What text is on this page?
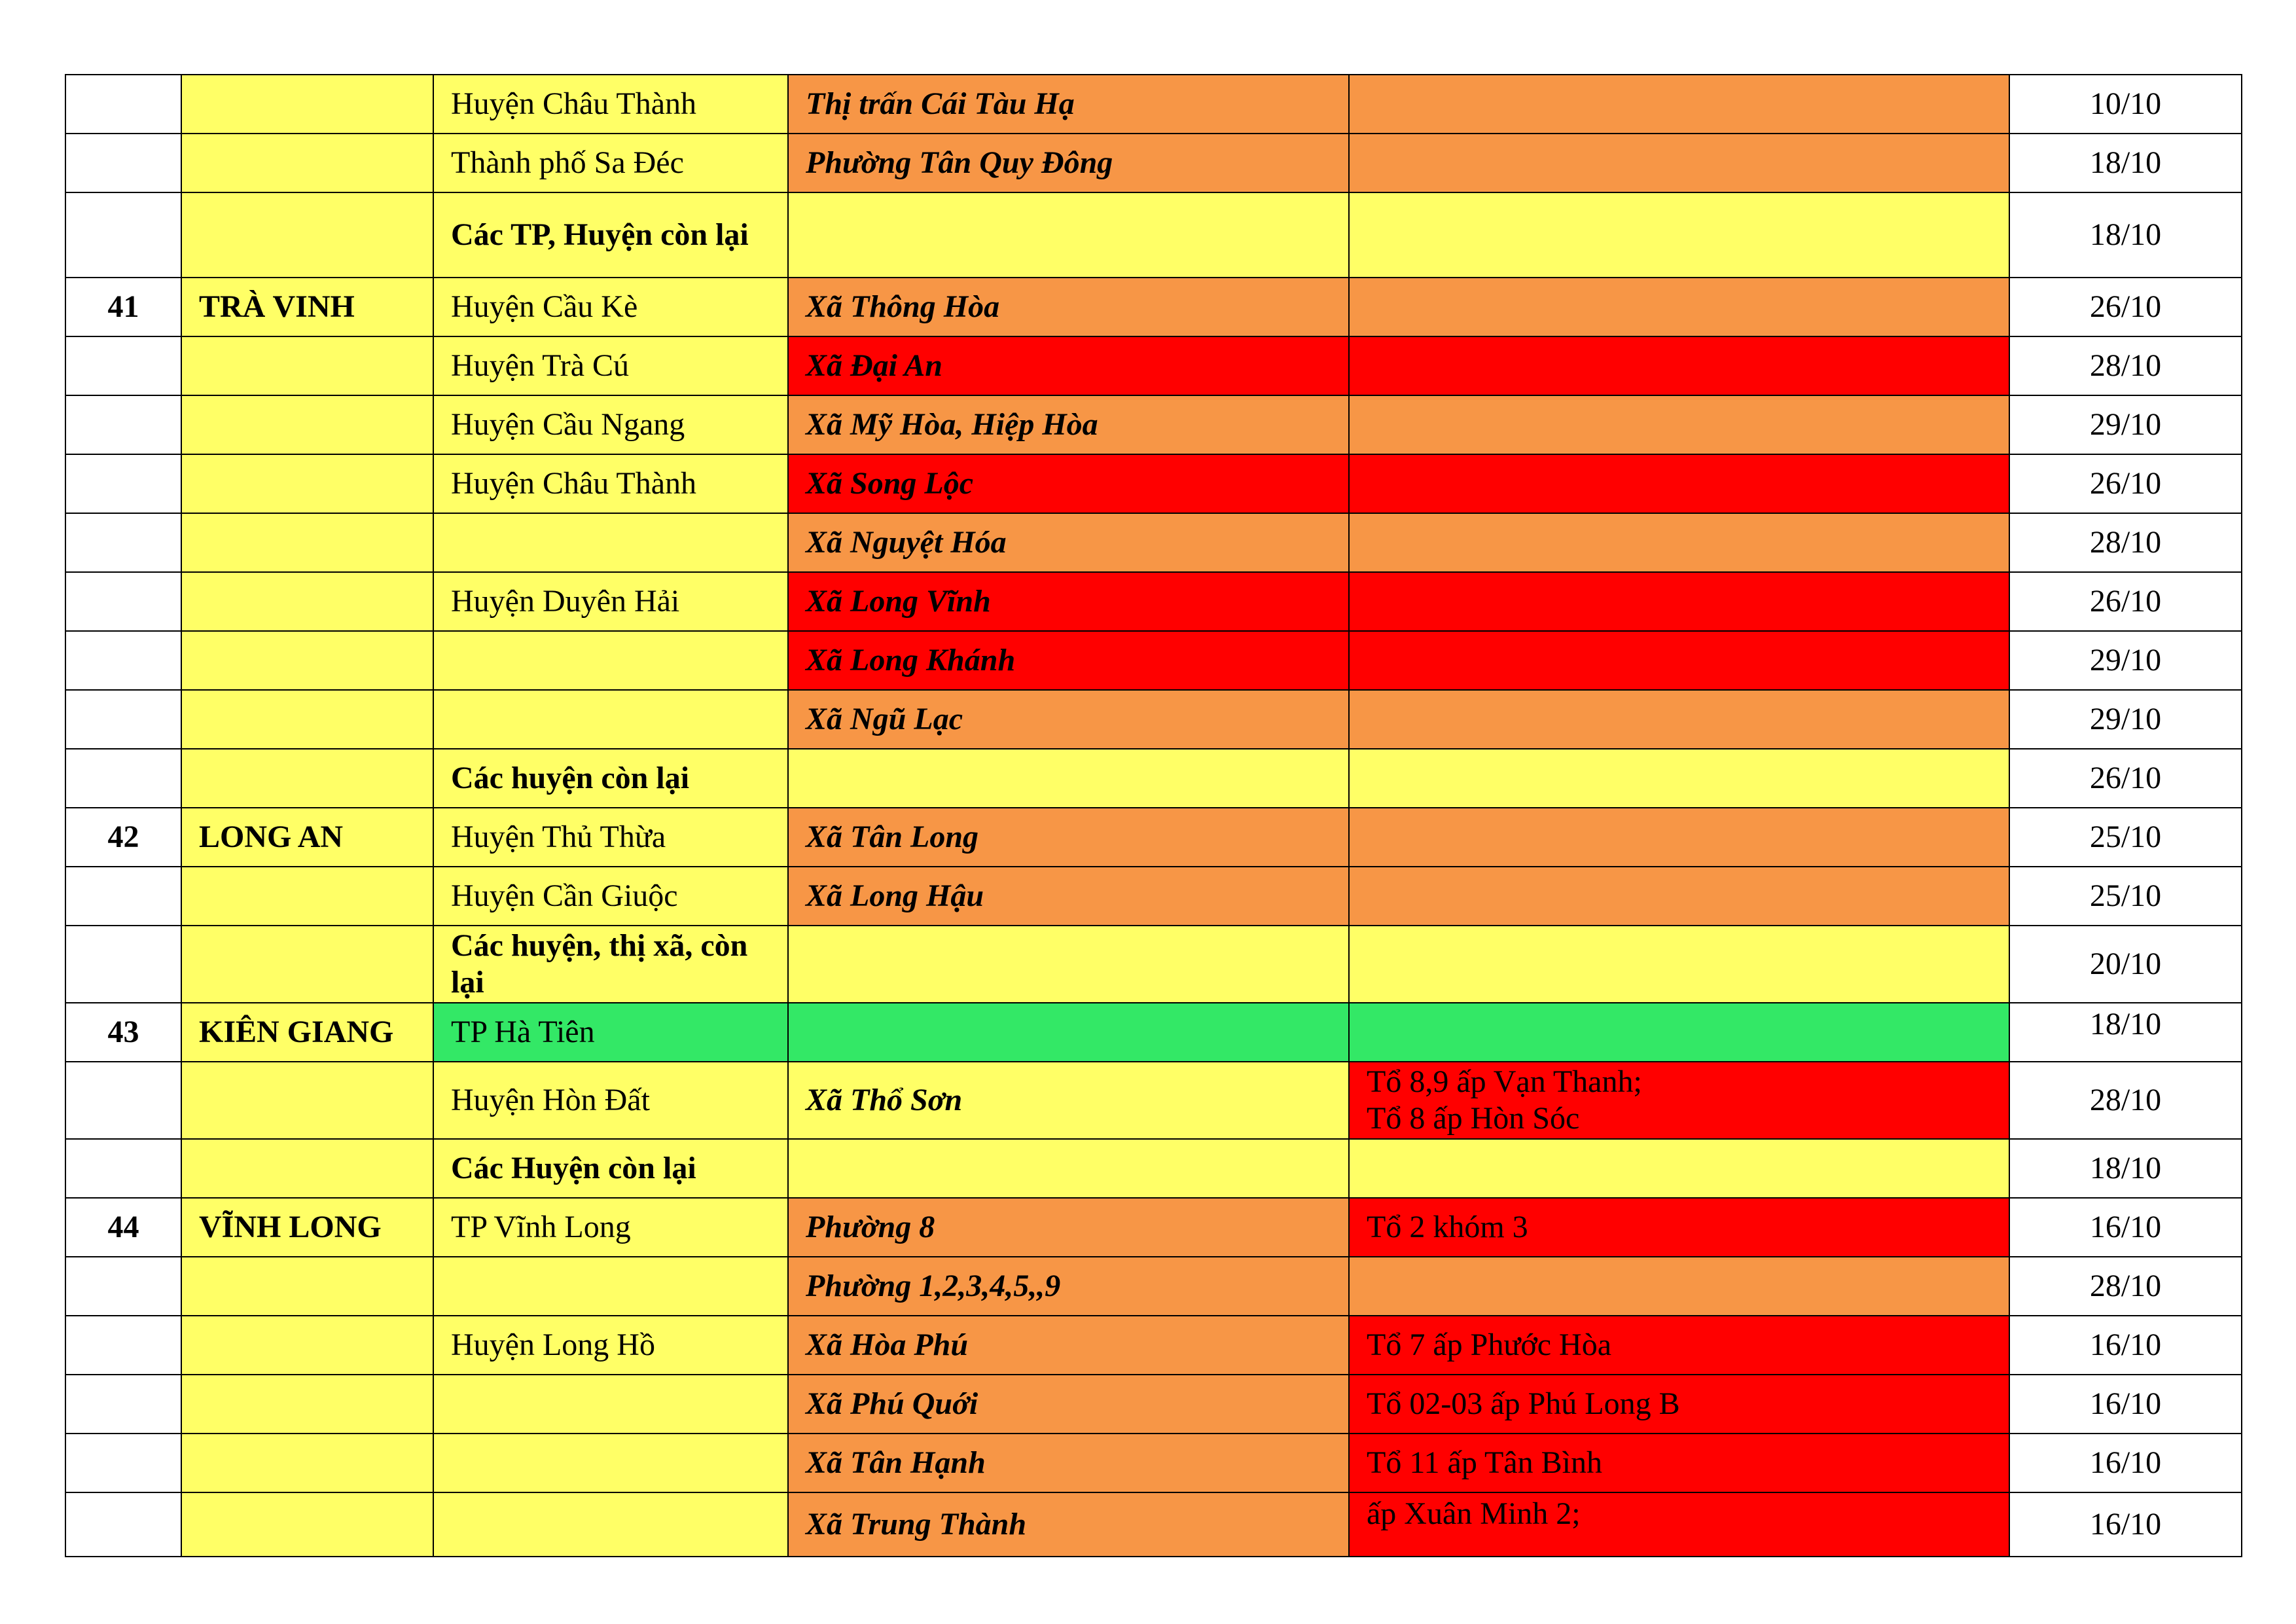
		Huyện Châu Thành	Thị trấn Cái Tàu Hạ		10/10
		Thành phố Sa Đéc	Phường Tân Quy Đông		18/10
		Các TP, Huyện còn lại			18/10
41	TRÀ VINH	Huyện Cầu Kè	Xã Thông Hòa		26/10
		Huyện Trà Cú	Xã Đại An		28/10
		Huyện Cầu Ngang	Xã Mỹ Hòa, Hiệp Hòa		29/10
		Huyện Châu Thành	Xã Song Lộc		26/10
			Xã Nguyệt Hóa		28/10
		Huyện Duyên Hải	Xã Long Vĩnh		26/10
			Xã Long Khánh		29/10
			Xã Ngũ Lạc		29/10
		Các huyện còn lại			26/10
42	LONG AN	Huyện Thủ Thừa	Xã Tân Long		25/10
		Huyện Cần Giuộc	Xã Long Hậu		25/10
		Các huyện, thị xã, còn lại			20/10
43	KIÊN GIANG	TP Hà Tiên			18/10
		Huyện Hòn Đất	Xã Thổ Sơn	Tổ 8,9 ấp Vạn Thanh;
Tổ 8 ấp Hòn Sóc	28/10
		Các Huyện còn lại			18/10
44	VĨNH LONG	TP Vĩnh Long	Phường 8	Tổ 2 khóm 3	16/10
			Phường 1,2,3,4,5,,9		28/10
		Huyện Long Hồ	Xã Hòa Phú	Tổ 7 ấp Phước Hòa	16/10
			Xã Phú Quới	Tổ 02-03 ấp Phú Long B	16/10
			Xã Tân Hạnh	Tổ 11 ấp Tân Bình	16/10
			Xã Trung Thành	ấp Xuân Minh 2;	16/10
